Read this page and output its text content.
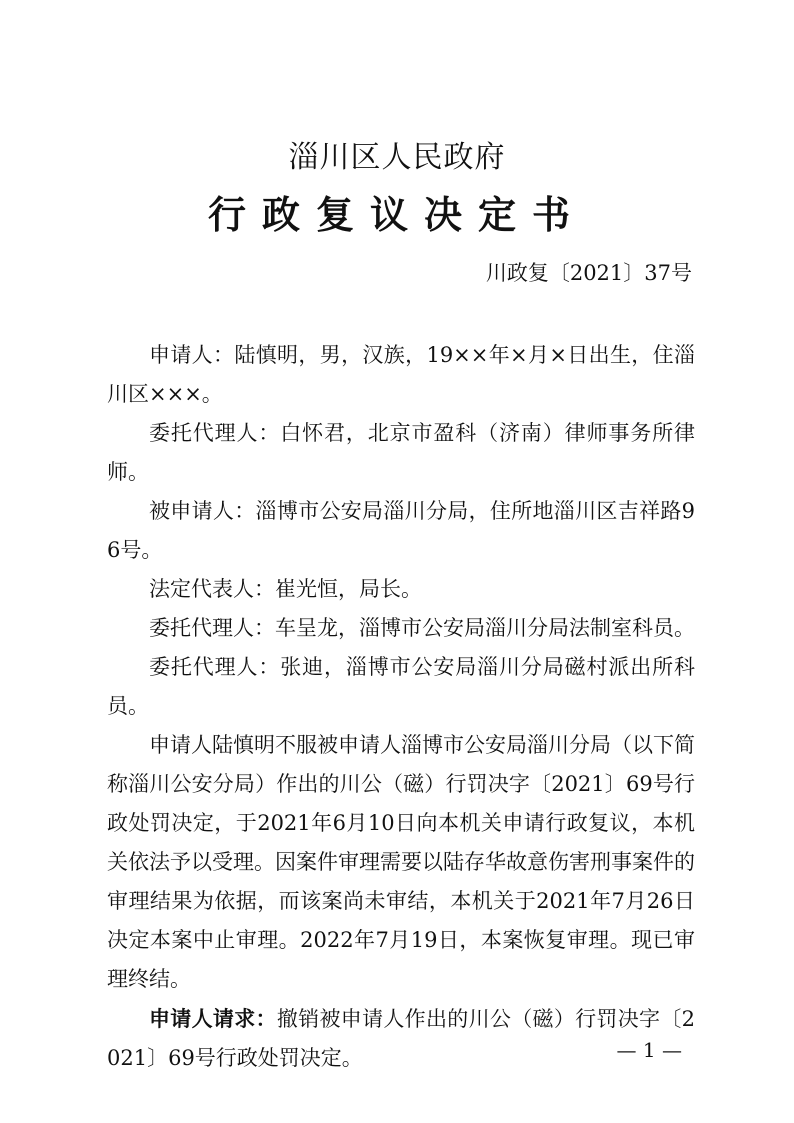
淄川区人民政府
行政复议决定书
川政复〔2021〕37号

申请人：陆慎明，男，汉族，19××年×月×日出生，住淄川区×××。

委托代理人：白怀君，北京市盈科（济南）律师事务所律师。

被申请人：淄博市公安局淄川分局，住所地淄川区吉祥路96号。

法定代表人：崔光恒，局长。

委托代理人：车呈龙，淄博市公安局淄川分局法制室科员。

委托代理人：张迪，淄博市公安局淄川分局磁村派出所科员。

申请人陆慎明不服被申请人淄博市公安局淄川分局（以下简称淄川公安分局）作出的川公（磁）行罚决字〔2021〕69号行政处罚决定，于2021年6月10日向本机关申请行政复议，本机关依法予以受理。因案件审理需要以陆存华故意伤害刑事案件的审理结果为依据，而该案尚未审结，本机关于2021年7月26日决定本案中止审理。2022年7月19日，本案恢复审理。现已审理终结。

申请人请求：撤销被申请人作出的川公（磁）行罚决字〔2021〕69号行政处罚决定。	— 1 —
